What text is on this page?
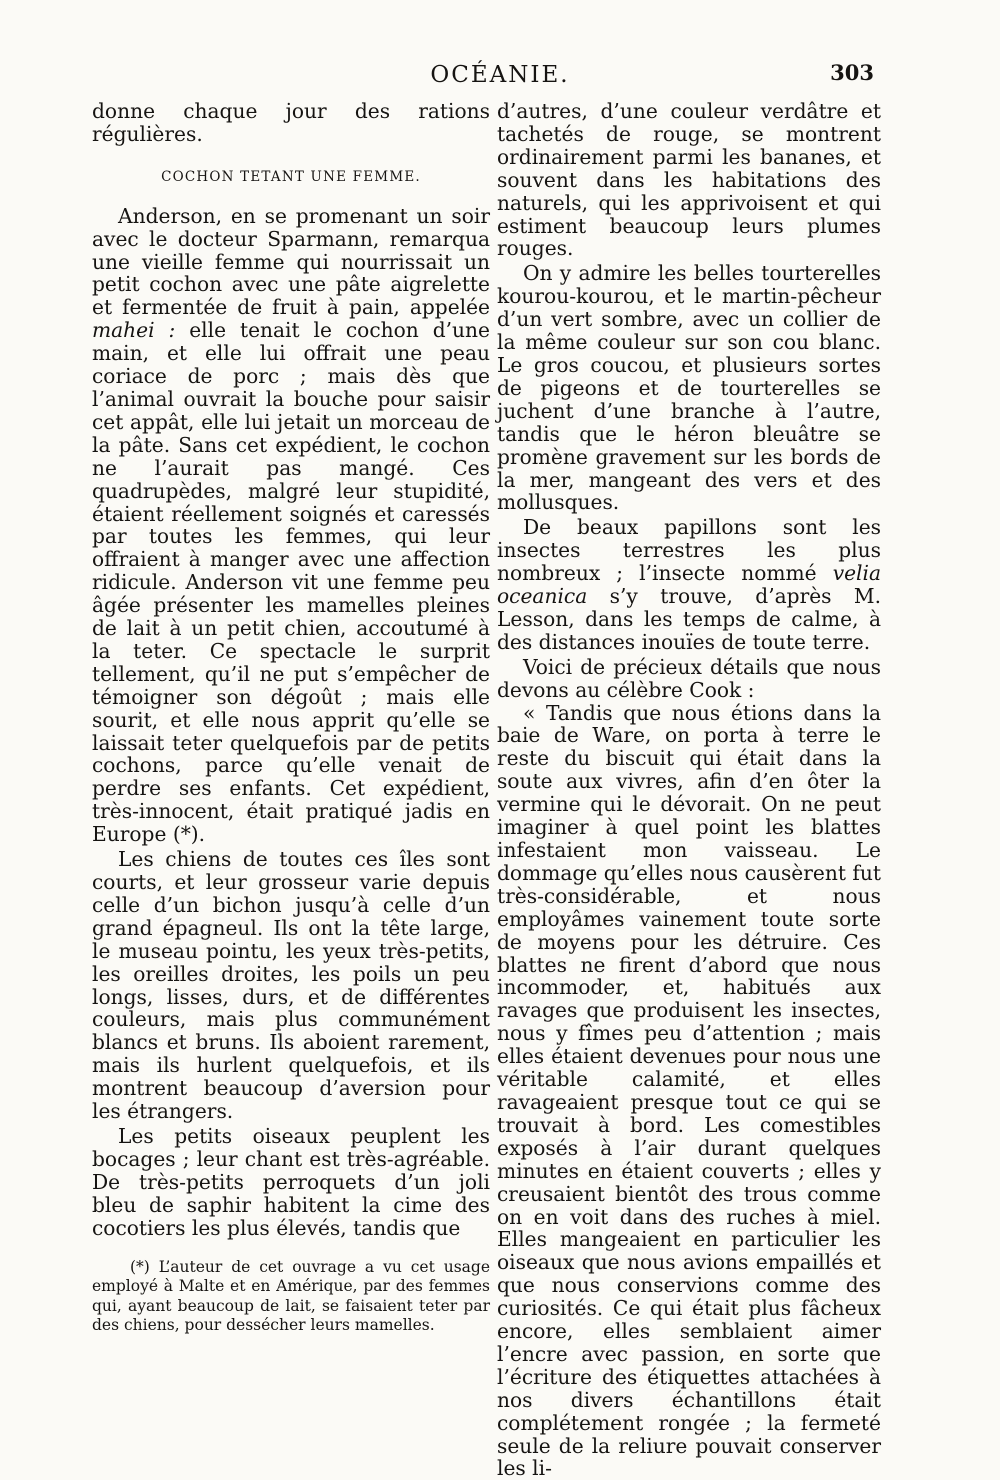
OCÉANIE.	303

donne chaque jour des rations régulières.

COCHON TETANT UNE FEMME.

Anderson, en se promenant un soir avec le docteur Sparmann, remarqua une vieille femme qui nourrissait un petit cochon avec une pâte aigrelette et fermentée de fruit à pain, appelée mahei : elle tenait le cochon d’une main, et elle lui offrait une peau coriace de porc ; mais dès que l’animal ouvrait la bouche pour saisir cet appât, elle lui jetait un morceau de la pâte. Sans cet expédient, le cochon ne l’aurait pas mangé. Ces quadrupèdes, malgré leur stupidité, étaient réellement soignés et caressés par toutes les femmes, qui leur offraient à manger avec une affection ridicule. Anderson vit une femme peu âgée présenter les mamelles pleines de lait à un petit chien, accoutumé à la teter. Ce spectacle le surprit tellement, qu’il ne put s’empêcher de témoigner son dégoût ; mais elle sourit, et elle nous apprit qu’elle se laissait teter quelquefois par de petits cochons, parce qu’elle venait de perdre ses enfants. Cet expédient, très-innocent, était pratiqué jadis en Europe (*).

Les chiens de toutes ces îles sont courts, et leur grosseur varie depuis celle d’un bichon jusqu’à celle d’un grand épagneul. Ils ont la tête large, le museau pointu, les yeux très-petits, les oreilles droites, les poils un peu longs, lisses, durs, et de différentes couleurs, mais plus communément blancs et bruns. Ils aboient rarement, mais ils hurlent quelquefois, et ils montrent beaucoup d’aversion pour les étrangers.

Les petits oiseaux peuplent les bocages ; leur chant est très-agréable. De très-petits perroquets d’un joli bleu de saphir habitent la cime des cocotiers les plus élevés, tandis que

(*) L’auteur de cet ouvrage a vu cet usage employé à Malte et en Amérique, par des femmes qui, ayant beaucoup de lait, se faisaient teter par des chiens, pour dessécher leurs mamelles.

d’autres, d’une couleur verdâtre et tachetés de rouge, se montrent ordinairement parmi les bananes, et souvent dans les habitations des naturels, qui les apprivoisent et qui estiment beaucoup leurs plumes rouges.

On y admire les belles tourterelles kourou-kourou, et le martin-pêcheur d’un vert sombre, avec un collier de la même couleur sur son cou blanc. Le gros coucou, et plusieurs sortes de pigeons et de tourterelles se juchent d’une branche à l’autre, tandis que le héron bleuâtre se promène gravement sur les bords de la mer, mangeant des vers et des mollusques.

De beaux papillons sont les insectes terrestres les plus nombreux ; l’insecte nommé velia oceanica s’y trouve, d’après M. Lesson, dans les temps de calme, à des distances inouïes de toute terre.

Voici de précieux détails que nous devons au célèbre Cook :

« Tandis que nous étions dans la baie de Ware, on porta à terre le reste du biscuit qui était dans la soute aux vivres, afin d’en ôter la vermine qui le dévorait. On ne peut imaginer à quel point les blattes infestaient mon vaisseau. Le dommage qu’elles nous causèrent fut très-considérable, et nous employâmes vainement toute sorte de moyens pour les détruire. Ces blattes ne firent d’abord que nous incommoder, et, habitués aux ravages que produisent les insectes, nous y fîmes peu d’attention ; mais elles étaient devenues pour nous une véritable calamité, et elles ravageaient presque tout ce qui se trouvait à bord. Les comestibles exposés à l’air durant quelques minutes en étaient couverts ; elles y creusaient bientôt des trous comme on en voit dans des ruches à miel. Elles mangeaient en particulier les oiseaux que nous avions empaillés et que nous conservions comme des curiosités. Ce qui était plus fâcheux encore, elles semblaient aimer l’encre avec passion, en sorte que l’écriture des étiquettes attachées à nos divers échantillons était complétement rongée ; la fermeté seule de la reliure pouvait conserver les li-
